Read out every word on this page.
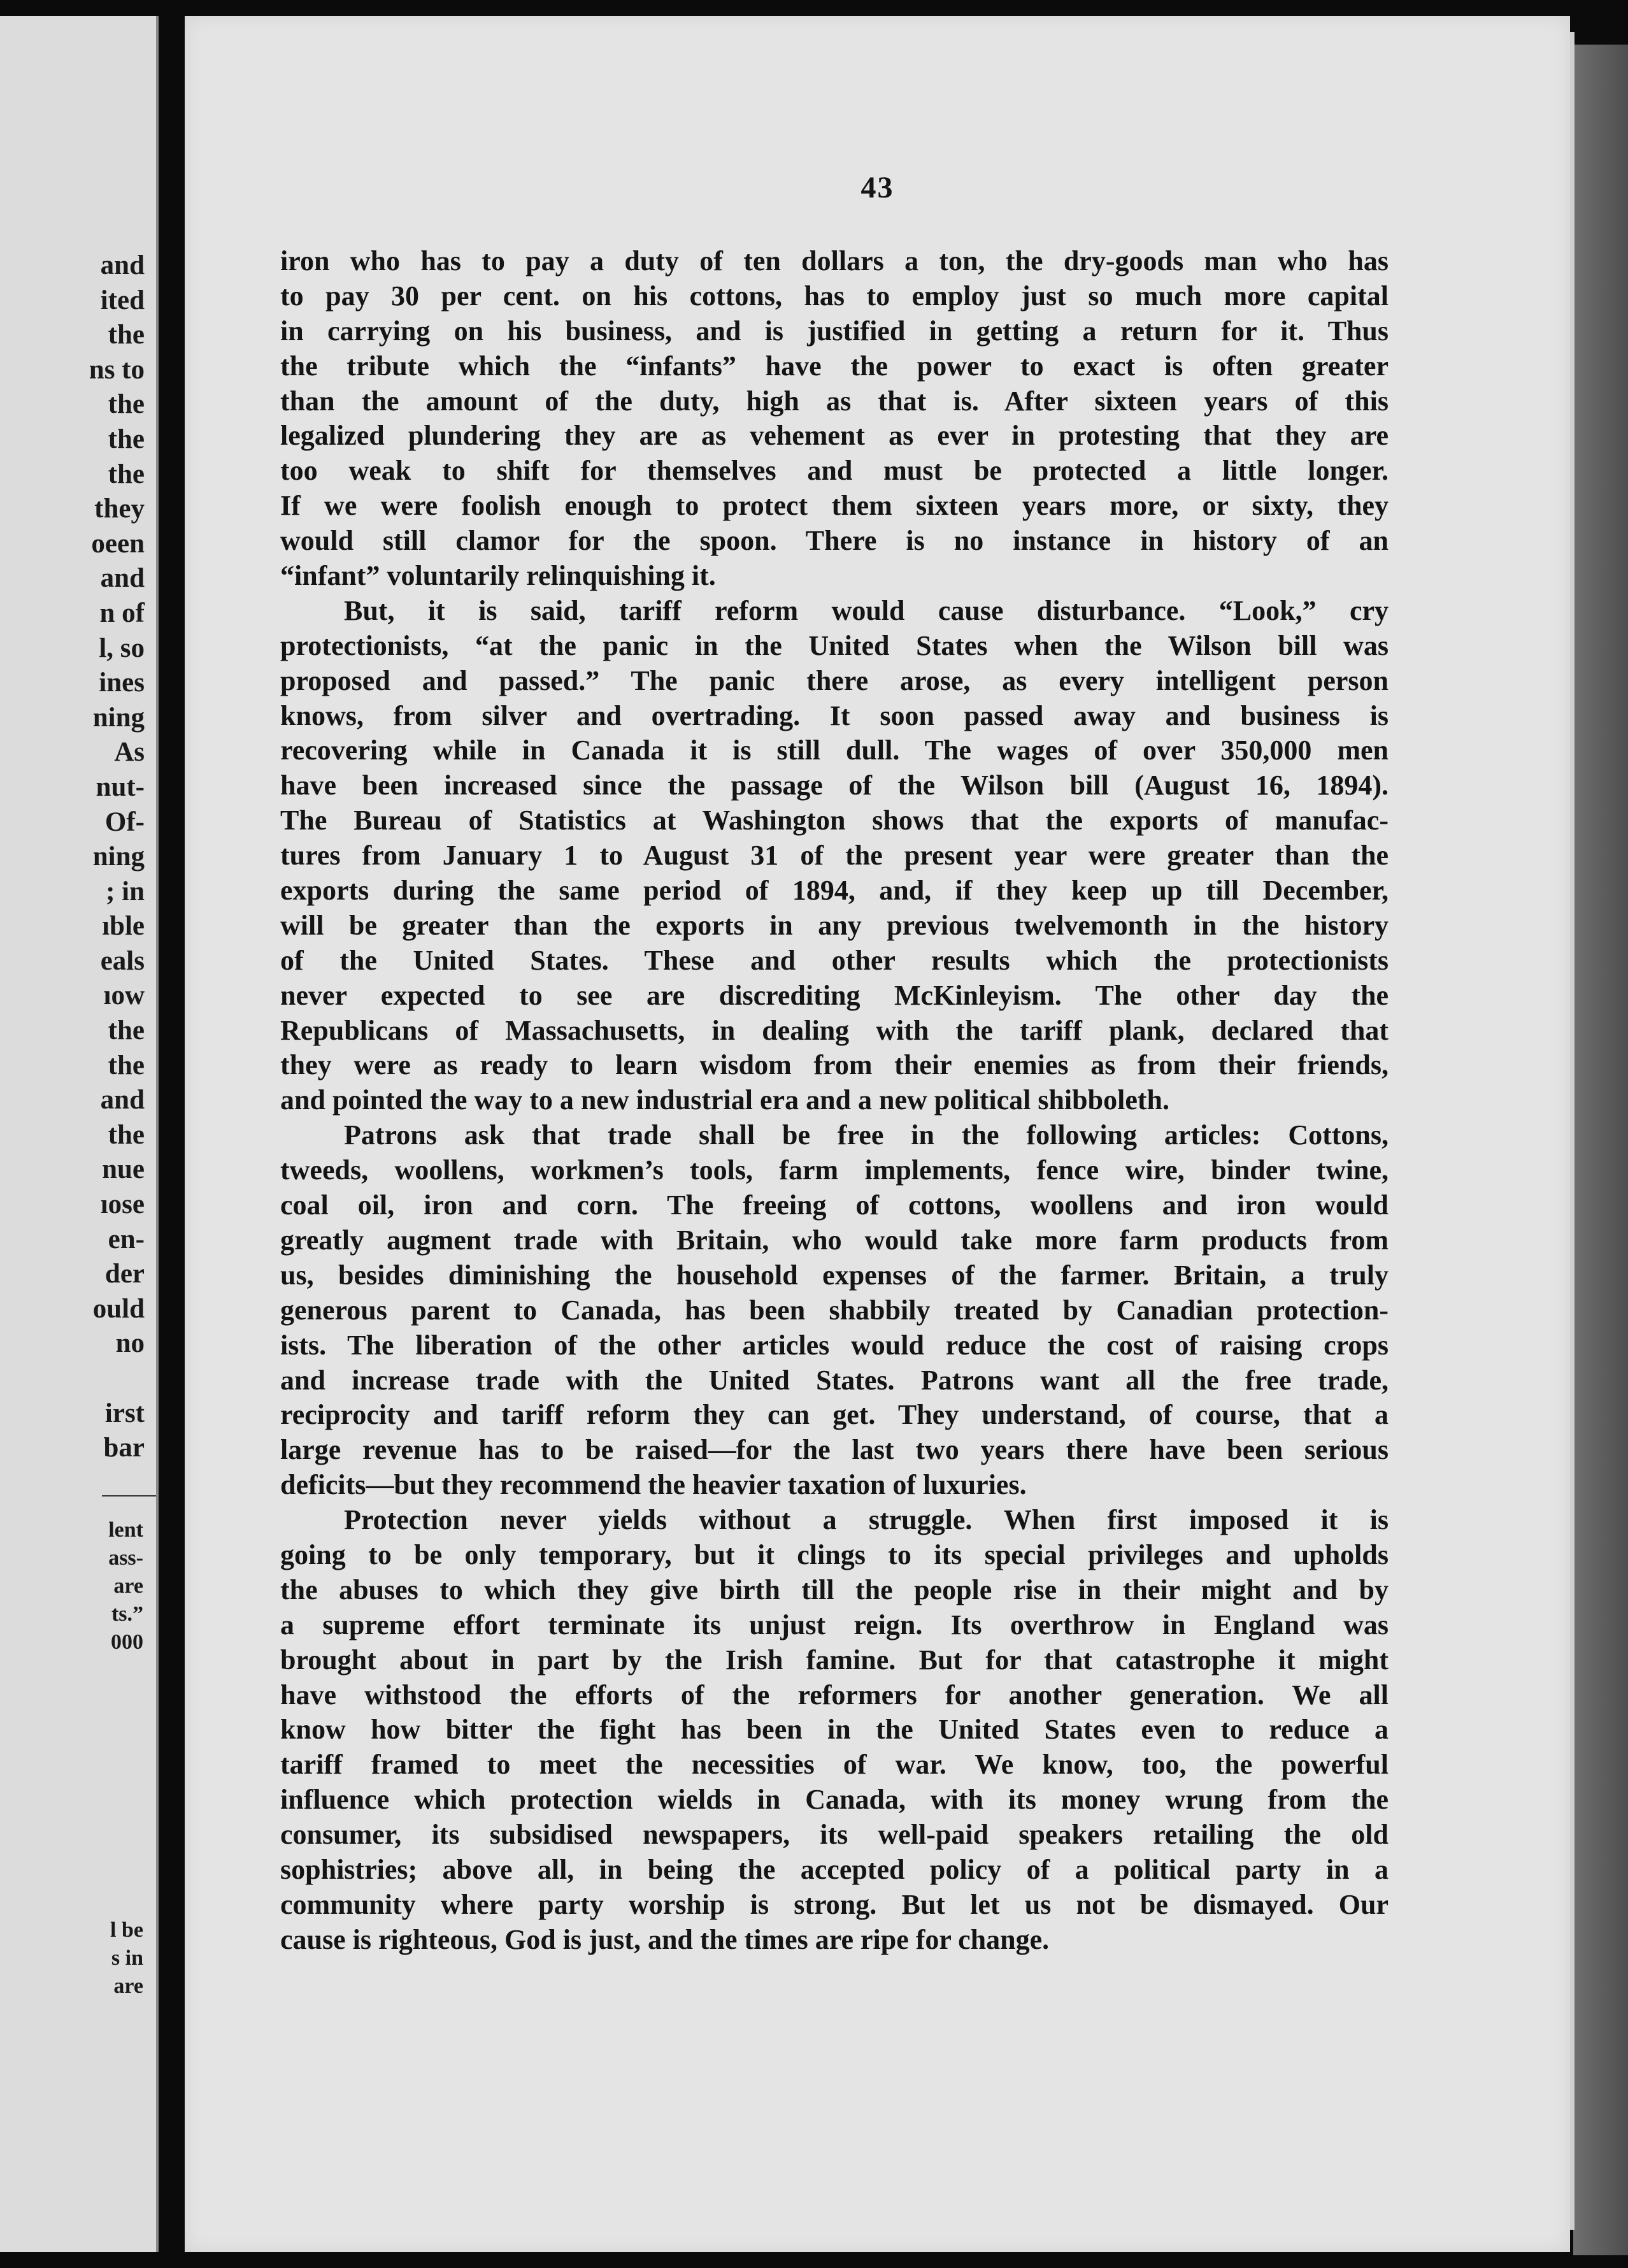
and
ited
the
ns to
the
the
the
they
oeen
and
n of
l, so
ines
ning
As
nut-
Of-
ning
; in
ıble
eals
ıow
the
the
and
the
nue
ıose
en-
der
ould
no
irst
bar
lent
ass-
are
ts.”
000
l be
s in
are
43
iron who has to pay a duty of ten dollars a ton, the dry-goods man who has
to pay 30 per cent. on his cottons, has to employ just so much more capital
in carrying on his business, and is justified in getting a return for it. Thus
the tribute which the “infants” have the power to exact is often greater
than the amount of the duty, high as that is. After sixteen years of this
legalized plundering they are as vehement as ever in protesting that they are
too weak to shift for themselves and must be protected a little longer.
If we were foolish enough to protect them sixteen years more, or sixty, they
would still clamor for the spoon. There is no instance in history of an
“infant” voluntarily relinquishing it.
But, it is said, tariff reform would cause disturbance. “Look,” cry
protectionists, “at the panic in the United States when the Wilson bill was
proposed and passed.” The panic there arose, as every intelligent person
knows, from silver and overtrading. It soon passed away and business is
recovering while in Canada it is still dull. The wages of over 350,000 men
have been increased since the passage of the Wilson bill (August 16, 1894).
The Bureau of Statistics at Washington shows that the exports of manufac-
tures from January 1 to August 31 of the present year were greater than the
exports during the same period of 1894, and, if they keep up till December,
will be greater than the exports in any previous twelvemonth in the history
of the United States. These and other results which the protectionists
never expected to see are discrediting McKinleyism. The other day the
Republicans of Massachusetts, in dealing with the tariff plank, declared that
they were as ready to learn wisdom from their enemies as from their friends,
and pointed the way to a new industrial era and a new political shibboleth.
Patrons ask that trade shall be free in the following articles: Cottons,
tweeds, woollens, workmen’s tools, farm implements, fence wire, binder twine,
coal oil, iron and corn. The freeing of cottons, woollens and iron would
greatly augment trade with Britain, who would take more farm products from
us, besides diminishing the household expenses of the farmer. Britain, a truly
generous parent to Canada, has been shabbily treated by Canadian protection-
ists. The liberation of the other articles would reduce the cost of raising crops
and increase trade with the United States. Patrons want all the free trade,
reciprocity and tariff reform they can get. They understand, of course, that a
large revenue has to be raised—for the last two years there have been serious
deficits—but they recommend the heavier taxation of luxuries.
Protection never yields without a struggle. When first imposed it is
going to be only temporary, but it clings to its special privileges and upholds
the abuses to which they give birth till the people rise in their might and by
a supreme effort terminate its unjust reign. Its overthrow in England was
brought about in part by the Irish famine. But for that catastrophe it might
have withstood the efforts of the reformers for another generation. We all
know how bitter the fight has been in the United States even to reduce a
tariff framed to meet the necessities of war. We know, too, the powerful
influence which protection wields in Canada, with its money wrung from the
consumer, its subsidised newspapers, its well-paid speakers retailing the old
sophistries; above all, in being the accepted policy of a political party in a
community where party worship is strong. But let us not be dismayed. Our
cause is righteous, God is just, and the times are ripe for change.
